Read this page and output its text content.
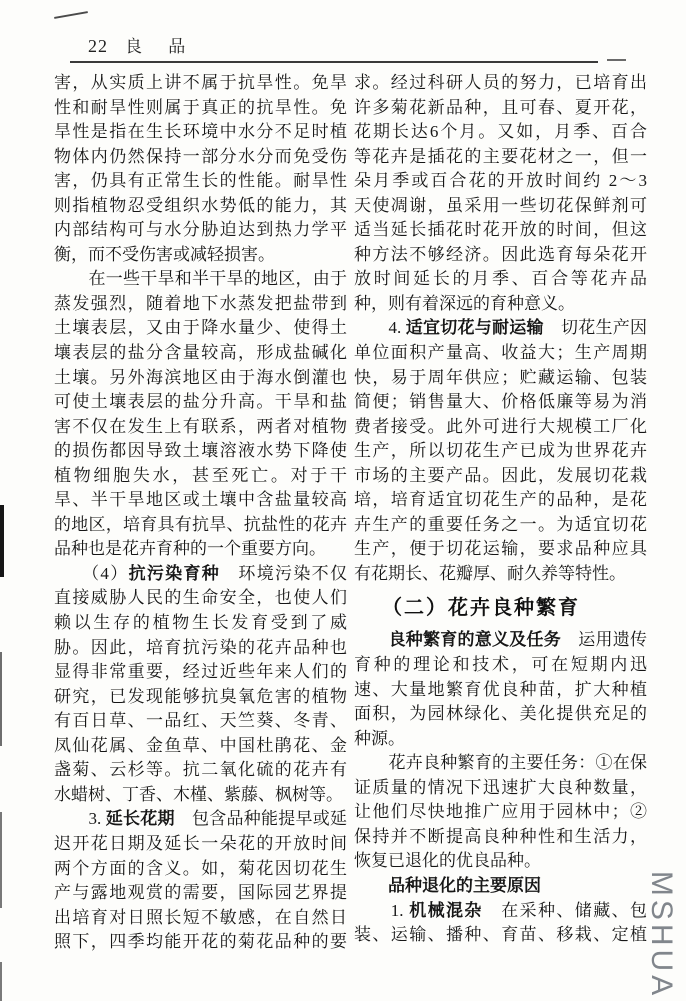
22 良 品
害，从实质上讲不属于抗旱性。免旱
性和耐旱性则属于真正的抗旱性。免
旱性是指在生长环境中水分不足时植
物体内仍然保持一部分水分而免受伤
害，仍具有正常生长的性能。耐旱性
则指植物忍受组织水势低的能力，其
内部结构可与水分胁迫达到热力学平
衡，而不受伤害或减轻损害。
　　在一些干旱和半干旱的地区，由于
蒸发强烈，随着地下水蒸发把盐带到
土壤表层，又由于降水量少、使得土
壤表层的盐分含量较高，形成盐碱化
土壤。另外海滨地区由于海水倒灌也
可使土壤表层的盐分升高。干旱和盐
害不仅在发生上有联系，两者对植物
的损伤都因导致土壤溶液水势下降使
植物细胞失水，甚至死亡。对于干
旱、半干旱地区或土壤中含盐量较高
的地区，培育具有抗旱、抗盐性的花卉
品种也是花卉育种的一个重要方向。
　　（4）抗污染育种　环境污染不仅
直接威胁人民的生命安全，也使人们
赖以生存的植物生长发育受到了威
胁。因此，培育抗污染的花卉品种也
显得非常重要，经过近些年来人们的
研究，已发现能够抗臭氧危害的植物
有百日草、一品红、天竺葵、冬青、
凤仙花属、金鱼草、中国杜鹃花、金
盏菊、云杉等。抗二氧化硫的花卉有
水蜡树、丁香、木槿、紫藤、枫树等。
　　3. 延长花期　包含品种能提早或延
迟开花日期及延长一朵花的开放时间
两个方面的含义。如，菊花因切花生
产与露地观赏的需要，国际园艺界提
出培育对日照长短不敏感，在自然日
照下，四季均能开花的菊花品种的要
求。经过科研人员的努力，已培育出
许多菊花新品种，且可春、夏开花，
花期长达6个月。又如，月季、百合
等花卉是插花的主要花材之一，但一
朵月季或百合花的开放时间约 2～3
天使凋谢，虽采用一些切花保鲜剂可
适当延长插花时花开放的时间，但这
种方法不够经济。因此选育每朵花开
放时间延长的月季、百合等花卉品
种，则有着深远的育种意义。
　　4. 适宜切花与耐运输　切花生产因
单位面积产量高、收益大；生产周期
快，易于周年供应；贮藏运输、包装
简便；销售量大、价格低廉等易为消
费者接受。此外可进行大规模工厂化
生产，所以切花生产已成为世界花卉
市场的主要产品。因此，发展切花栽
培，培育适宜切花生产的品种，是花
卉生产的重要任务之一。为适宜切花
生产，便于切花运输，要求品种应具
有花期长、花瓣厚、耐久养等特性。
（二）花卉良种繁育
　　良种繁育的意义及任务　运用遗传
育种的理论和技术，可在短期内迅
速、大量地繁育优良种苗，扩大种植
面积，为园林绿化、美化提供充足的
种源。
　　花卉良种繁育的主要任务：①在保
证质量的情况下迅速扩大良种数量，
让他们尽快地推广应用于园林中；②
保持并不断提高良种种性和生活力，
恢复已退化的优良品种。
　　品种退化的主要原因
　　1. 机械混杂　在采种、储藏、包
装、运输、播种、育苗、移栽、定植
MSHUA
